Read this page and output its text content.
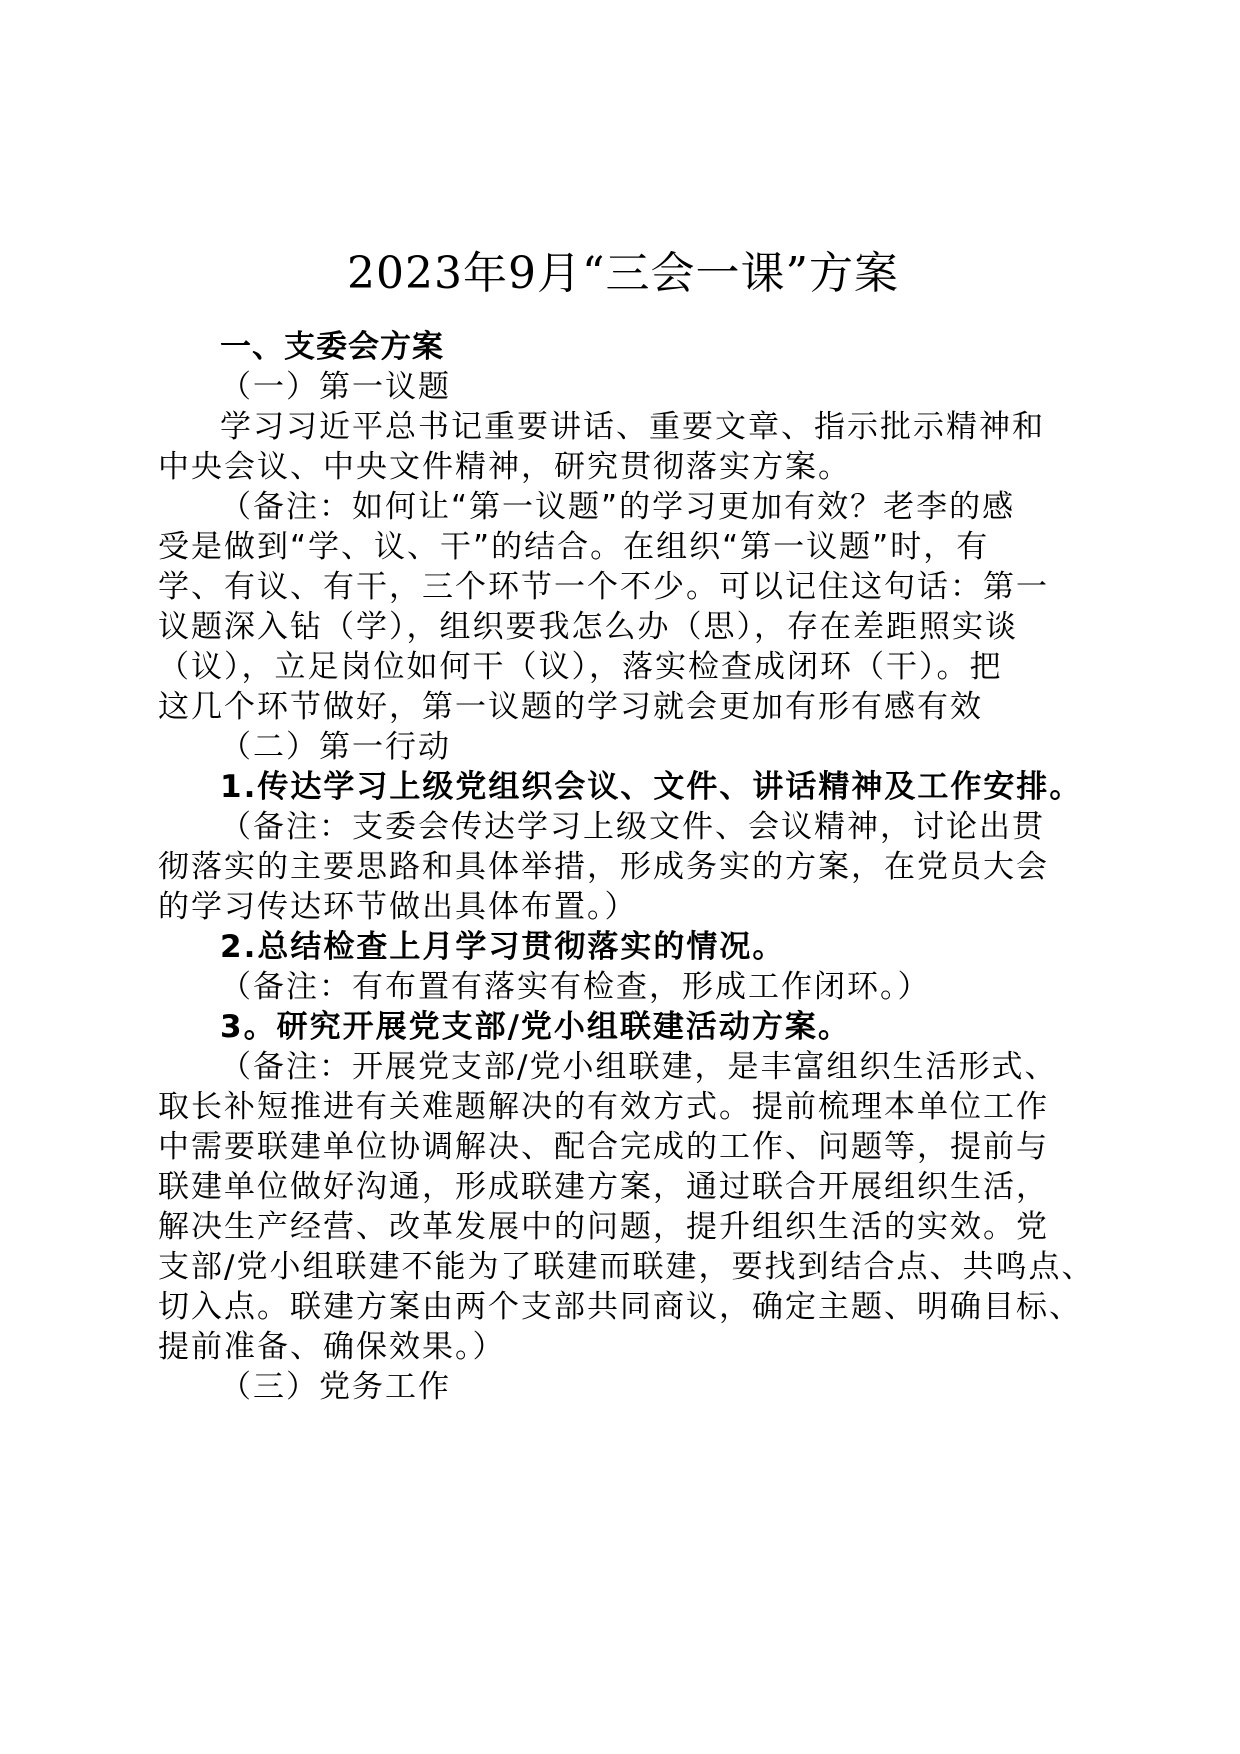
2023年9月“三会一课”方案

一、支委会方案

（一）第一议题

学习习近平总书记重要讲话、重要文章、指示批示精神和
中央会议、中央文件精神，研究贯彻落实方案。
（备注：如何让“第一议题”的学习更加有效？老李的感
受是做到“学、议、干”的结合。在组织“第一议题”时，有
学、有议、有干，三个环节一个不少。可以记住这句话：第一
议题深入钻（学），组织要我怎么办（思），存在差距照实谈
（议），立足岗位如何干（议），落实检查成闭环（干）。把
这几个环节做好，第一议题的学习就会更加有形有感有效

（二）第一行动

1.传达学习上级党组织会议、文件、讲话精神及工作安排。

（备注：支委会传达学习上级文件、会议精神，讨论出贯
彻落实的主要思路和具体举措，形成务实的方案，在党员大会
的学习传达环节做出具体布置。）

2.总结检查上月学习贯彻落实的情况。

（备注：有布置有落实有检查，形成工作闭环。）

3。研究开展党支部/党小组联建活动方案。

（备注：开展党支部/党小组联建，是丰富组织生活形式、
取长补短推进有关难题解决的有效方式。提前梳理本单位工作
中需要联建单位协调解决、配合完成的工作、问题等，提前与
联建单位做好沟通，形成联建方案，通过联合开展组织生活，
解决生产经营、改革发展中的问题，提升组织生活的实效。党
支部/党小组联建不能为了联建而联建，要找到结合点、共鸣点、
切入点。联建方案由两个支部共同商议，确定主题、明确目标、
提前准备、确保效果。）

（三）党务工作
